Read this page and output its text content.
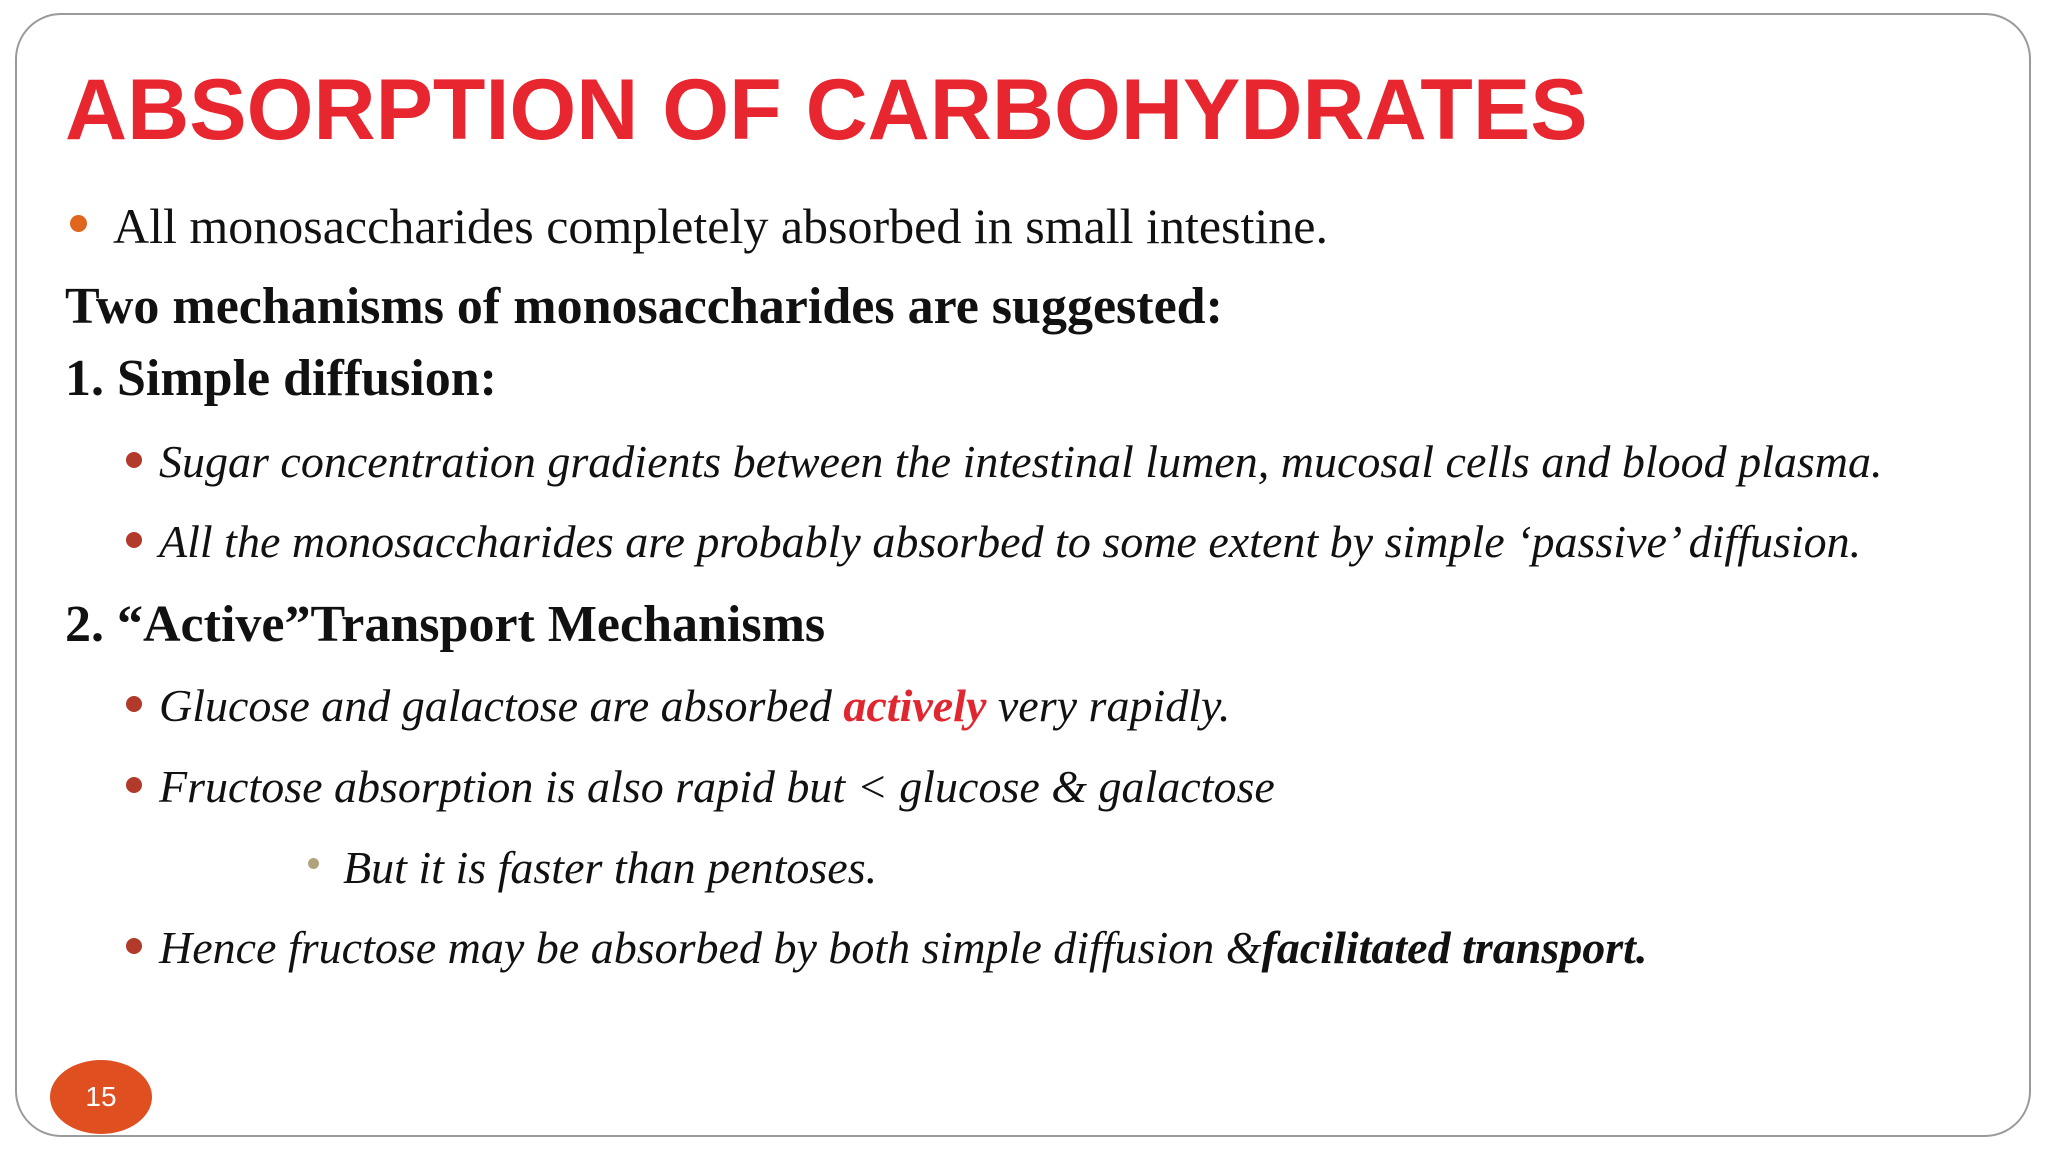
ABSORPTION OF CARBOHYDRATES
All monosaccharides completely absorbed in small intestine.
Two mechanisms of monosaccharides are suggested:
1. Simple diffusion:
Sugar concentration gradients between the intestinal lumen, mucosal cells and blood plasma.
All the monosaccharides are probably absorbed to some extent by simple ‘passive’ diffusion.
2. “Active”Transport Mechanisms
Glucose and galactose are absorbed actively very rapidly.
Fructose absorption is also rapid but < glucose & galactose
But it is faster than pentoses.
Hence fructose may be absorbed by both simple diffusion &facilitated transport.
15
